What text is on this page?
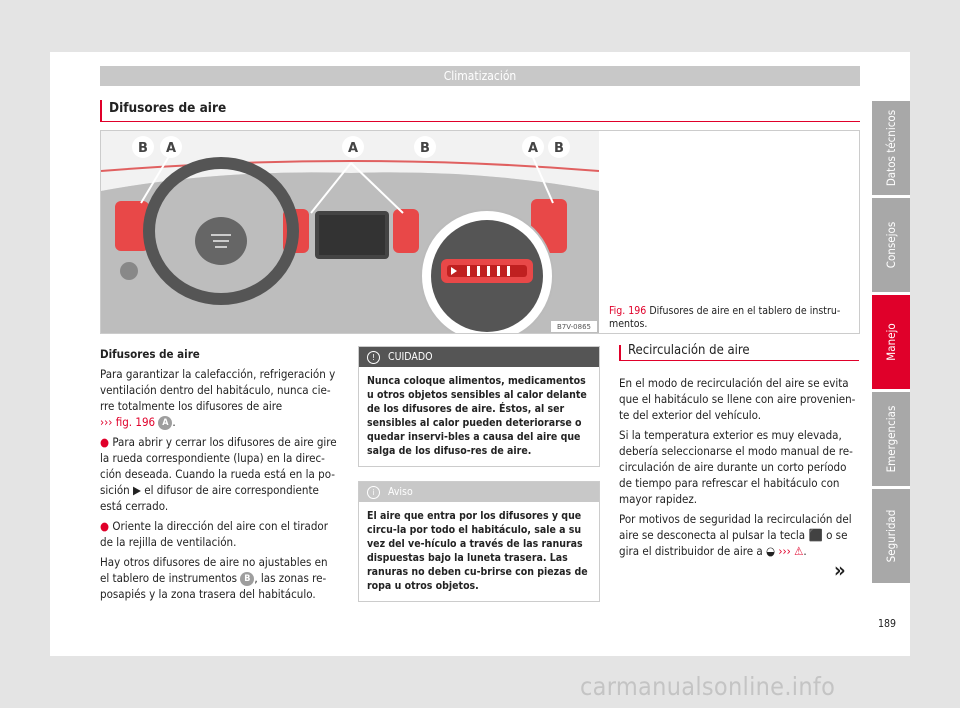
Climatización
Difusores de aire
B A	A	B	A B
B7V-0865
Fig. 196 Difusores de aire en el tablero de instru-mentos.

Difusores de aire

Para garantizar la calefacción, refrigeración y ventilación dentro del habitáculo, nunca cie-rre totalmente los difusores de aire
››› fig. 196 A .

● Para abrir y cerrar los difusores de aire gire la rueda correspondiente (lupa) en la direc-ción deseada. Cuando la rueda está en la po-sición ▶ el difusor de aire correspondiente está cerrado.

● Oriente la dirección del aire con el tirador de la rejilla de ventilación.

Hay otros difusores de aire no ajustables en el tablero de instrumentos B , las zonas re-posapiés y la zona trasera del habitáculo.

! CUIDADO
Nunca coloque alimentos, medicamentos u otros objetos sensibles al calor delante de los difusores de aire. Éstos, al ser sensibles al calor pueden deteriorarse o quedar inservi-bles a causa del aire que salga de los difuso-res de aire.
i Aviso
El aire que entra por los difusores y que circu-la por todo el habitáculo, sale a su vez del ve-hículo a través de las ranuras dispuestas bajo la luneta trasera. Las ranuras no deben cu-brirse con piezas de ropa u otros objetos.
Recirculación de aire

En el modo de recirculación del aire se evita que el habitáculo se llene con aire provenien-te del exterior del vehículo.

Si la temperatura exterior es muy elevada, debería seleccionarse el modo manual de re-circulación de aire durante un corto período de tiempo para refrescar el habitáculo con mayor rapidez.

Por motivos de seguridad la recirculación del aire se desconecta al pulsar la tecla ⬛ o se gira el distribuidor de aire a ◒ ››› ⚠.

»
Datos técnicos
Consejos
Manejo
Emergencias
Seguridad
189
carmanualsonline.info
